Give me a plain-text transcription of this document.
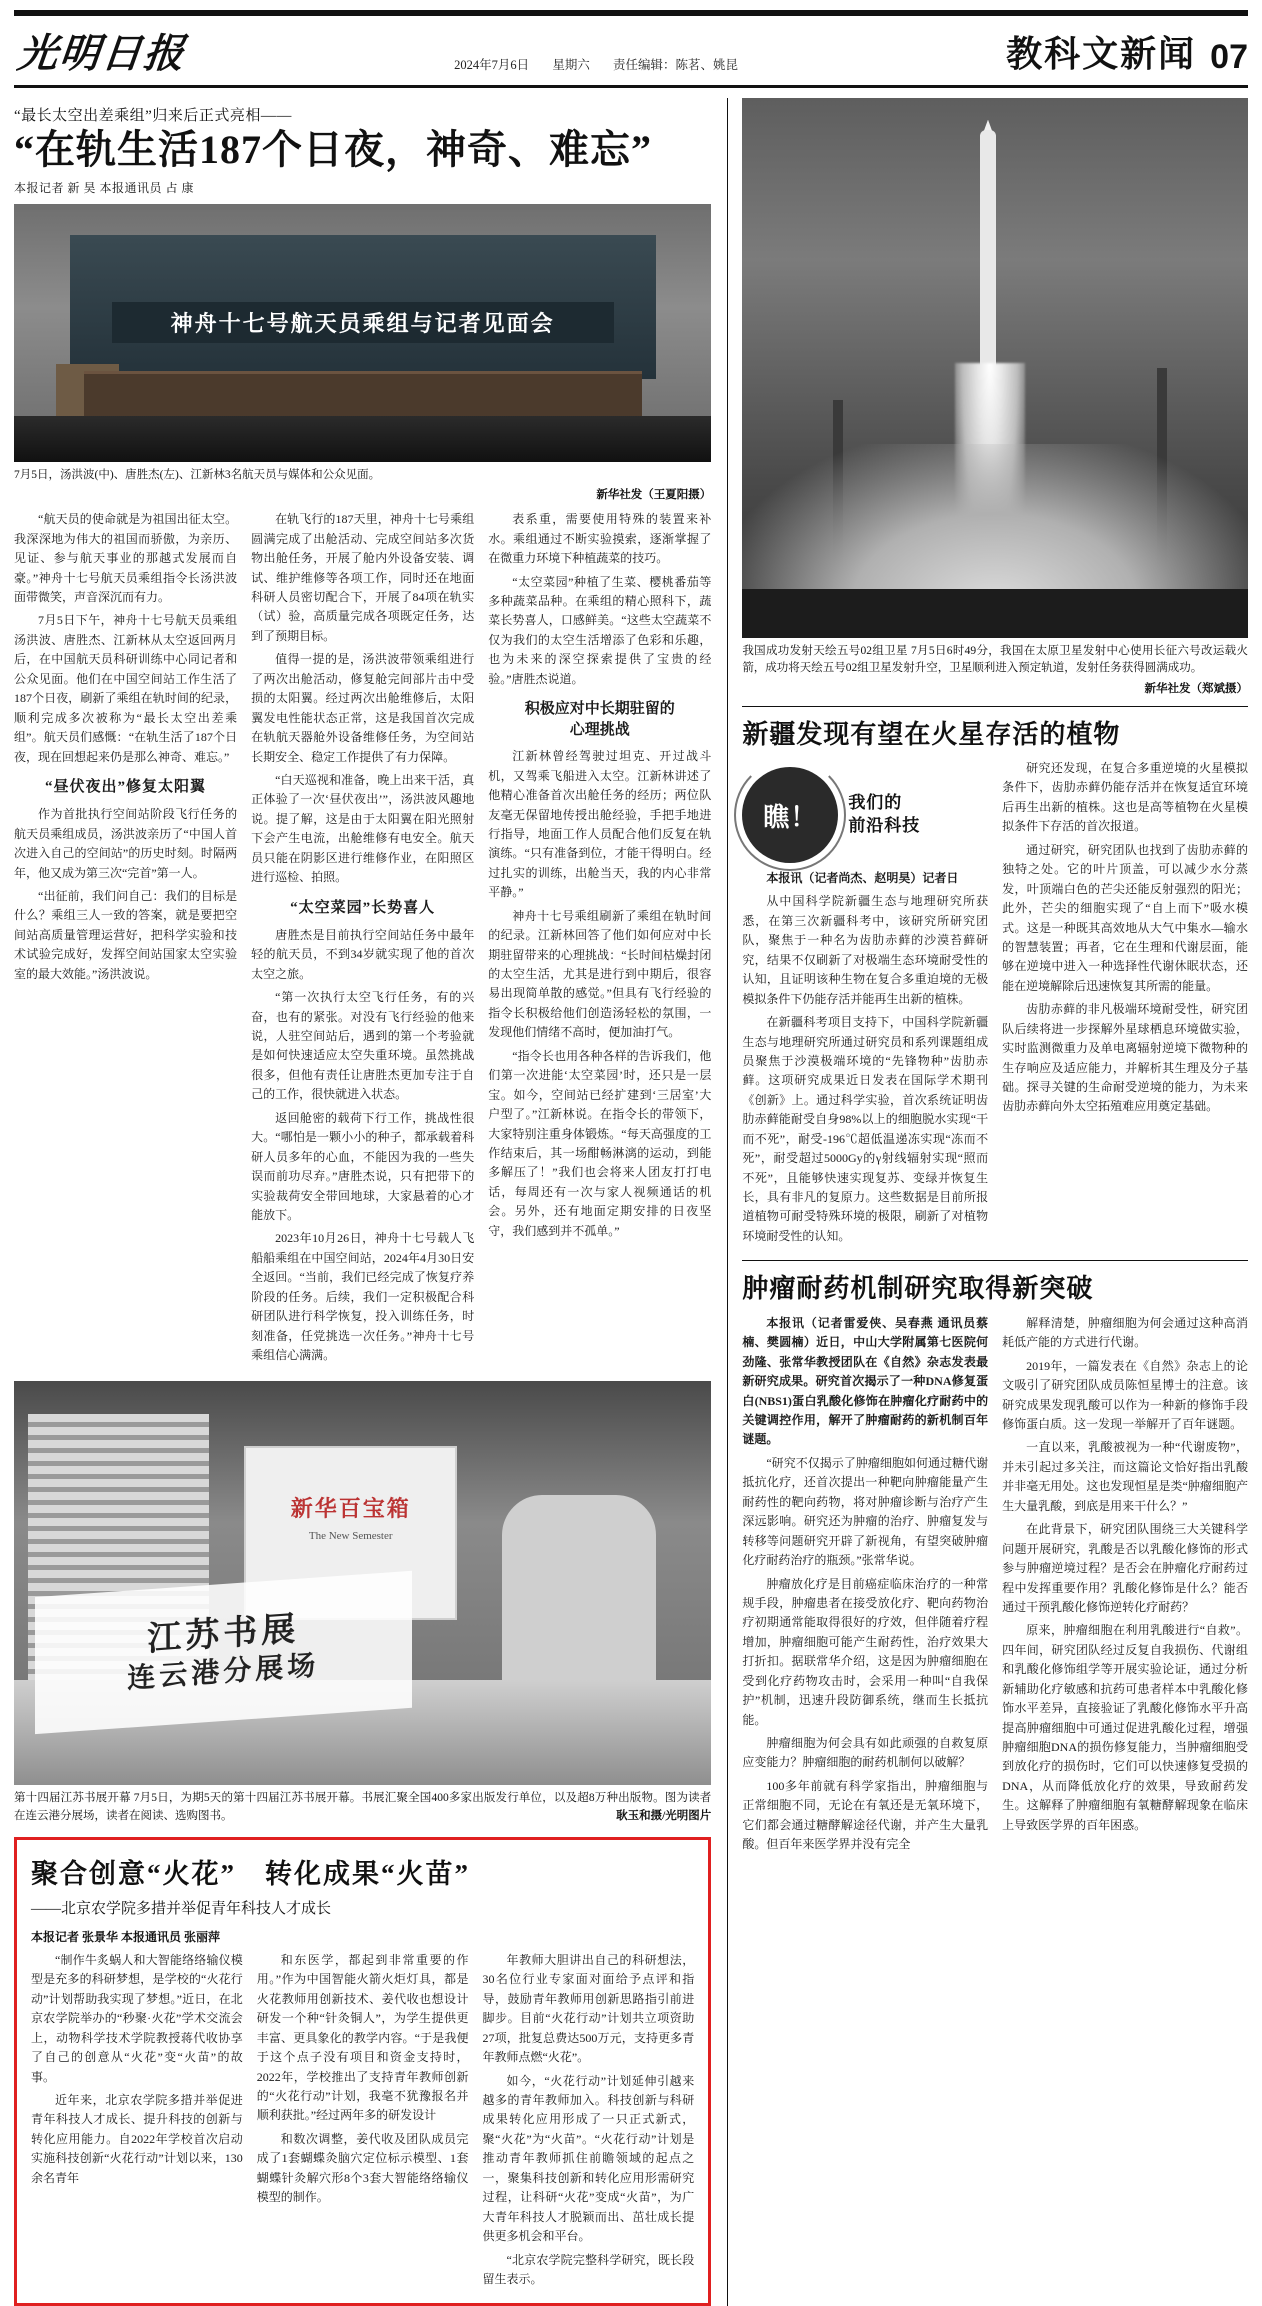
光明日报	2024年7月6日 星期六 责任编辑：陈茗、姚昆	教科文新闻 07
“最长太空出差乘组”归来后正式亮相——
“在轨生活187个日夜，神奇、难忘”
本报记者 新 昊 本报通讯员 占 康
神舟十七号航天员乘组与记者见面会
7月5日，汤洪波(中)、唐胜杰(左)、江新林3名航天员与媒体和公众见面。
新华社发（王夏阳摄）

“航天员的使命就是为祖国出征太空。我深深地为伟大的祖国而骄傲，为亲历、见证、参与航天事业的那越式发展而自豪。”神舟十七号航天员乘组指令长汤洪波面带微笑，声音深沉而有力。

7月5日下午，神舟十七号航天员乘组汤洪波、唐胜杰、江新林从太空返回两月后，在中国航天员科研训练中心同记者和公众见面。他们在中国空间站工作生活了187个日夜，刷新了乘组在轨时间的纪录，顺利完成多次被称为“最长太空出差乘组”。航天员们感慨：“在轨生活了187个日夜，现在回想起来仍是那么神奇、难忘。”

“昼伏夜出”修复太阳翼

作为首批执行空间站阶段飞行任务的航天员乘组成员，汤洪波亲历了“中国人首次进入自己的空间站”的历史时刻。时隔两年，他又成为第三次“完首”第一人。

“出征前，我们问自己：我们的目标是什么？乘组三人一致的答案，就是要把空间站高质量管理运营好，把科学实验和技术试验完成好，发挥空间站国家太空实验室的最大效能。”汤洪波说。

在轨飞行的187天里，神舟十七号乘组圆满完成了出舱活动、完成空间站多次货物出舱任务，开展了舱内外设备安装、调试、维护维修等各项工作，同时还在地面科研人员密切配合下，开展了84项在轨实（试）验，高质量完成各项既定任务，达到了预期目标。

值得一提的是，汤洪波带领乘组进行了两次出舱活动，修复舱完间部片击中受损的太阳翼。经过两次出舱维修后，太阳翼发电性能状态正常，这是我国首次完成在轨航天器舱外设备维修任务，为空间站长期安全、稳定工作提供了有力保障。

“白天巡视和准备，晚上出来干活，真正体验了一次‘昼伏夜出’”，汤洪波风趣地说。提了解，这是由于太阳翼在阳光照射下会产生电流，出舱维修有电安全。航天员只能在阴影区进行维修作业，在阳照区进行巡检、拍照。

“太空菜园”长势喜人

唐胜杰是目前执行空间站任务中最年轻的航天员，不到34岁就实现了他的首次太空之旅。

“第一次执行太空飞行任务，有的兴奋，也有的紧张。对没有飞行经验的他来说，人驻空间站后，遇到的第一个考验就是如何快速适应太空失重环境。虽然挑战很多，但他有责任让唐胜杰更加专注于自己的工作，很快就进入状态。

返回舱密的载荷下行工作，挑战性很大。“哪怕是一颗小小的种子，都承载着科研人员多年的心血，不能因为我的一些失误而前功尽弃。”唐胜杰说，只有把带下的实验裁荷安全带回地球，大家悬着的心才能放下。

2023年10月26日，神舟十七号载人飞船船乘组在中国空间站，2024年4月30日安全返回。“当前，我们已经完成了恢复疗养阶段的任务。后续，我们一定积极配合科研团队进行科学恢复，投入训练任务，时刻准备，任党挑选一次任务。”神舟十七号乘组信心满满。

表系重，需要使用特殊的装置来补水。乘组通过不断实验摸索，逐渐掌握了在微重力环境下种植蔬菜的技巧。

“太空菜园”种植了生菜、樱桃番茄等多种蔬菜品种。在乘组的精心照科下，蔬菜长势喜人，口感鲜美。“这些太空蔬菜不仅为我们的太空生活增添了色彩和乐趣，也为未来的深空探索提供了宝贵的经验。”唐胜杰说道。

积极应对中长期驻留的
心理挑战

江新林曾经驾驶过坦克、开过战斗机，又驾乘飞船进入太空。江新林讲述了他精心准备首次出舱任务的经历；两位队友毫无保留地传授出舱经验，手把手地进行指导，地面工作人员配合他们反复在轨演练。“只有准备到位，才能干得明白。经过扎实的训练，出舱当天，我的内心非常平静。”

神舟十七号乘组刷新了乘组在轨时间的纪录。江新林回答了他们如何应对中长期驻留带来的心理挑战：“长时间枯燥封闭的太空生活，尤其是进行到中期后，很容易出现简单散的感觉。”但具有飞行经验的指令长积极给他们创造汤轻松的氛围，一发现他们情绪不高时，便加油打气。

“指令长也用各种各样的告诉我们，他们第一次进能‘太空菜园’时，还只是一层宝。如今，空间站已经扩建到‘三居室’大户型了。”江新林说。在指令长的带领下，大家特别注重身体锻炼。“每天高强度的工作结束后，其一场酣畅淋漓的运动，到能多解压了！”我们也会将来人团友打打电话，每周还有一次与家人视频通话的机会。另外，还有地面定期安排的日夜坚守，我们感到并不孤单。”

新华百宝箱
The New Semester
江苏书展
连云港分展场
第十四届江苏书展开幕 7月5日，为期5天的第十四届江苏书展开幕。书展汇聚全国400多家出版发行单位，以及超8万种出版物。图为读者在连云港分展场，读者在阅读、选购图书。	耿玉和摄/光明图片
聚合创意“火花”　转化成果“火苗”
——北京农学院多措并举促青年科技人才成长
本报记者 张景华 本报通讯员 张丽萍

“制作牛炙蜗人和大智能络络输仪模型是充多的科研梦想，是学校的“火花行动”计划帮助我实现了梦想。”近日，在北京农学院举办的“秒聚·火花”学术交流会上，动物科学技术学院教授蒋代收协享了自己的创意从“火花”变“火苗”的故事。

近年来，北京农学院多措并举促进青年科技人才成长、提升科技的创新与转化应用能力。自2022年学校首次启动实施科技创新“火花行动”计划以来，130余名青年

和东医学，都起到非常重要的作用。”作为中国智能火箭火炬灯具，都是火花教师用创新技术、姜代收也想设计研发一个种“针灸铜人”，为学生提供更丰富、更具象化的教学内容。“于是我便于这个点子没有项目和资金支持时，2022年，学校推出了支持青年教师创新的“火花行动”计划，我毫不犹豫报名并顺利获批。”经过两年多的研发设计

和数次调整，姜代收及团队成员完成了1套蝴蝶灸脑穴定位标示模型、1套蝴蝶针灸解穴形8个3套大智能络络输仪模型的制作。

年教师大胆讲出自己的科研想法，30名位行业专家面对面给予点评和指导，鼓励青年教师用创新思路指引前进脚步。目前“火花行动”计划共立项资助27项，批复总费达500万元，支持更多青年教师点燃“火花”。

如今，“火花行动”计划延伸引越来越多的青年教师加入。科技创新与科研成果转化应用形成了一只正式新式，聚“火花”为“火苗”。“火花行动”计划是推动青年教师抓住前瞻领域的起点之一，聚集科技创新和转化应用形需研究过程，让科研“火花”变成“火苗”，为广大青年科技人才脱颖而出、茁壮成长提供更多机会和平台。

“北京农学院完整科学研究，既长段留生表示。

我国成功发射天绘五号02组卫星 7月5日6时49分，我国在太原卫星发射中心使用长征六号改运载火箭，成功将天绘五号02组卫星发射升空，卫星顺利进入预定轨道，发射任务获得圆满成功。
新华社发（郑斌摄）
新疆发现有望在火星存活的植物
瞧！ 我们的
前沿科技

本报讯（记者尚杰、赵明昊）记者日

从中国科学院新疆生态与地理研究所获悉，在第三次新疆科考中，该研究所研究团队，聚焦于一种名为齿肋赤藓的沙漠苔藓研究，结果不仅刷新了对极端生态环境耐受性的认知，且证明该种生物在复合多重迫境的无极模拟条件下仍能存活并能再生出新的植株。

在新疆科考项目支持下，中国科学院新疆生态与地理研究所通过研究员和系列课题组成员聚焦于沙漠极端环境的“先锋物种”齿肋赤藓。这项研究成果近日发表在国际学术期刊《创新》上。通过科学实验，首次系统证明齿肋赤藓能耐受自身98%以上的细胞脱水实现“干而不死”，耐受-196℃超低温递冻实现“冻而不死”，耐受超过5000Gy的γ射线辐射实现“照而不死”，且能够快速实现复苏、变绿并恢复生长，具有非凡的复原力。这些数据是目前所报道植物可耐受特殊环境的极限，刷新了对植物环境耐受性的认知。

研究还发现，在复合多重逆境的火星模拟条件下，齿肋赤藓仍能存活并在恢复适宜环境后再生出新的植株。这也是高等植物在火星模拟条件下存活的首次报道。

通过研究，研究团队也找到了齿肋赤藓的独特之处。它的叶片顶盖，可以减少水分蒸发，叶顶端白色的芒尖还能反射强烈的阳光；此外，芒尖的细胞实现了“自上而下”吸水模式。这是一种既其高效地从大气中集水—输水的智慧装置；再者，它在生理和代谢层面，能够在逆境中进入一种选择性代谢休眠状态，还能在逆境解除后迅速恢复其所需的能量。

齿肋赤藓的非凡极端环境耐受性，研究团队后续将进一步探解外星球栖息环境做实验，实时监测微重力及单电离辐射逆境下微物种的生存响应及适应能力，并解析其生理及分子基础。探寻关键的生命耐受逆境的能力，为未来齿肋赤藓向外太空拓殖难应用奠定基础。

肿瘤耐药机制研究取得新突破

本报讯（记者雷爱侠、吴春燕 通讯员蔡楠、樊圆楠）近日，中山大学附属第七医院何劲隆、张常华教授团队在《自然》杂志发表最新研究成果。研究首次揭示了一种DNA修复蛋白(NBS1)蛋白乳酸化修饰在肿瘤化疗耐药中的关键调控作用，解开了肿瘤耐药的新机制百年谜题。

“研究不仅揭示了肿瘤细胞如何通过糖代谢抵抗化疗，还首次提出一种靶向肿瘤能量产生耐药性的靶向药物，将对肿瘤诊断与治疗产生深远影响。研究还为肿瘤的治疗、肿瘤复发与转移等问题研究开辟了新视角，有望突破肿瘤化疗耐药治疗的瓶颈。”张常华说。

肿瘤放化疗是目前癌症临床治疗的一种常规手段，肿瘤患者在接受放化疗、靶向药物治疗初期通常能取得很好的疗效，但伴随着疗程增加，肿瘤细胞可能产生耐药性，治疗效果大打折扣。据联常华介绍，这是因为肿瘤细胞在受到化疗药物攻击时，会采用一种叫“自我保护”机制，迅速升段防御系统，继而生长抵抗能。

肿瘤细胞为何会具有如此顽强的自救复原应变能力？肿瘤细胞的耐药机制何以破解？

100多年前就有科学家指出，肿瘤细胞与正常细胞不同，无论在有氧还是无氧环境下，它们都会通过糖酵解途径代谢，并产生大量乳酸。但百年来医学界并没有完全

解释清楚，肿瘤细胞为何会通过这种高消耗低产能的方式进行代谢。

2019年，一篇发表在《自然》杂志上的论文吸引了研究团队成员陈恒星博士的注意。该研究成果发现乳酸可以作为一种新的修饰手段修饰蛋白质。这一发现一举解开了百年谜题。

一直以来，乳酸被视为一种“代谢废物”，并未引起过多关注，而这篇论文恰好指出乳酸并非毫无用处。这也发现恒星是类“肿瘤细胞产生大量乳酸，到底是用来干什么？”

在此背景下，研究团队围绕三大关键科学问题开展研究，乳酸是否以乳酸化修饰的形式参与肿瘤逆境过程？是否会在肿瘤化疗耐药过程中发挥重要作用？乳酸化修饰是什么？能否通过干预乳酸化修饰逆转化疗耐药？

原来，肿瘤细胞在利用乳酸进行“自救”。四年间，研究团队经过反复自我损伤、代谢组和乳酸化修饰组学等开展实验论证，通过分析新辅助化疗敏感和抗药可患者样本中乳酸化修饰水平差异，直接验证了乳酸化修饰水平升高提高肿瘤细胞中可通过促进乳酸化过程，增强肿瘤细胞DNA的损伤修复能力，当肿瘤细胞受到放化疗的损伤时，它们可以快速修复受损的DNA，从而降低放化疗的效果，导致耐药发生。这解释了肿瘤细胞有氧糖酵解现象在临床上导致医学界的百年困惑。
